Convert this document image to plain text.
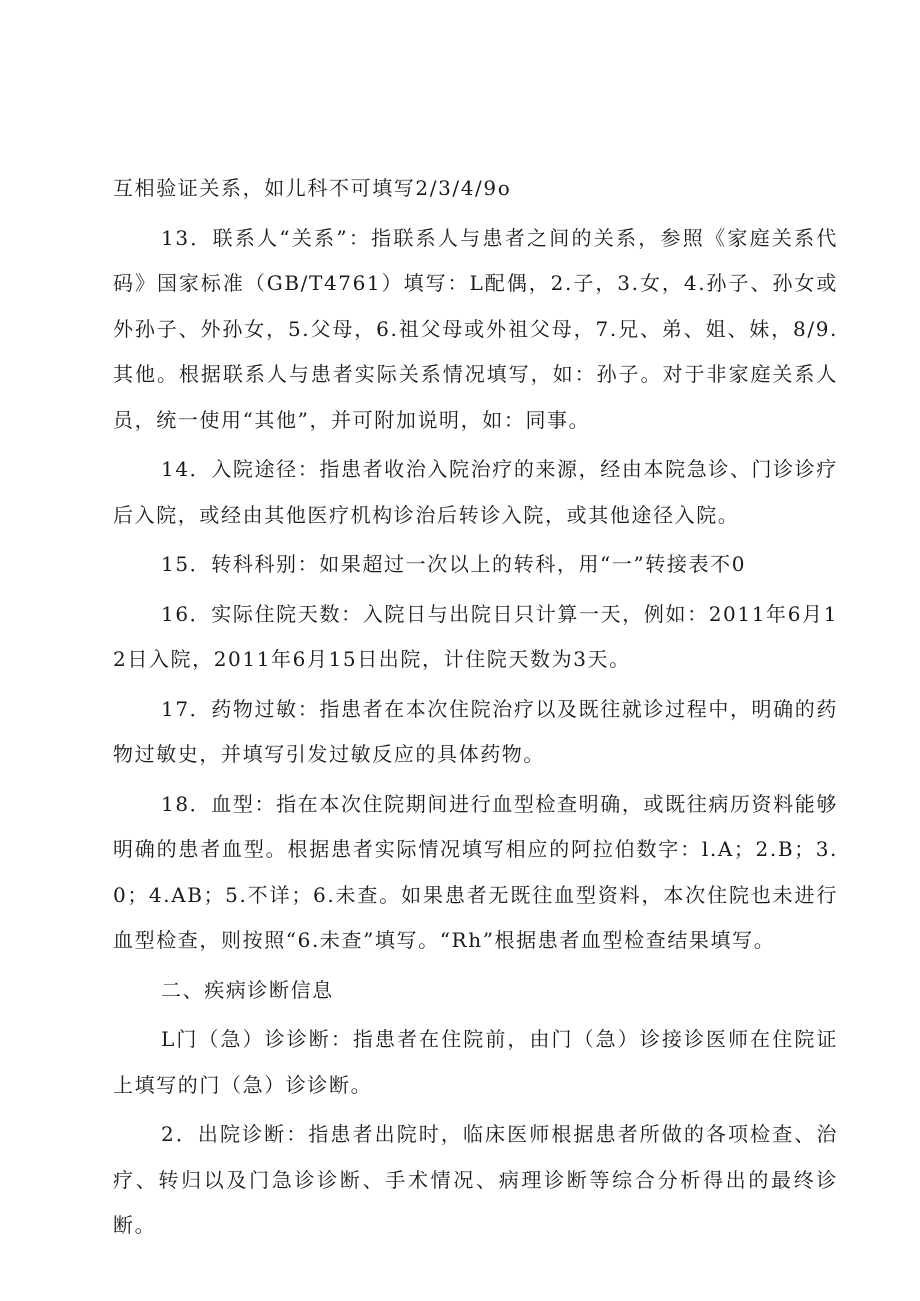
互相验证关系，如儿科不可填写2/3/4/9o

13．联系人“关系”：指联系人与患者之间的关系，参照《家庭关系代码》国家标准（GB/T4761）填写：L配偶，2.子，3.女，4.孙子、孙女或外孙子、外孙女，5.父母，6.祖父母或外祖父母，7.兄、弟、姐、妹，8/9.其他。根据联系人与患者实际关系情况填写，如：孙子。对于非家庭关系人员，统一使用“其他”，并可附加说明，如：同事。

14．入院途径：指患者收治入院治疗的来源，经由本院急诊、门诊诊疗后入院，或经由其他医疗机构诊治后转诊入院，或其他途径入院。

15．转科科别：如果超过一次以上的转科，用“一”转接表不0

16．实际住院天数：入院日与出院日只计算一天，例如：2011年6月12日入院，2011年6月15日出院，计住院天数为3天。

17．药物过敏：指患者在本次住院治疗以及既往就诊过程中，明确的药物过敏史，并填写引发过敏反应的具体药物。

18．血型：指在本次住院期间进行血型检查明确，或既往病历资料能够明确的患者血型。根据患者实际情况填写相应的阿拉伯数字：l.A；2.B；3.0；4.AB；5.不详；6.未查。如果患者无既往血型资料，本次住院也未进行血型检查，则按照“6.未查”填写。“Rh”根据患者血型检查结果填写。

二、疾病诊断信息

L门（急）诊诊断：指患者在住院前，由门（急）诊接诊医师在住院证上填写的门（急）诊诊断。

2．出院诊断：指患者出院时，临床医师根据患者所做的各项检查、治疗、转归以及门急诊诊断、手术情况、病理诊断等综合分析得出的最终诊断。
